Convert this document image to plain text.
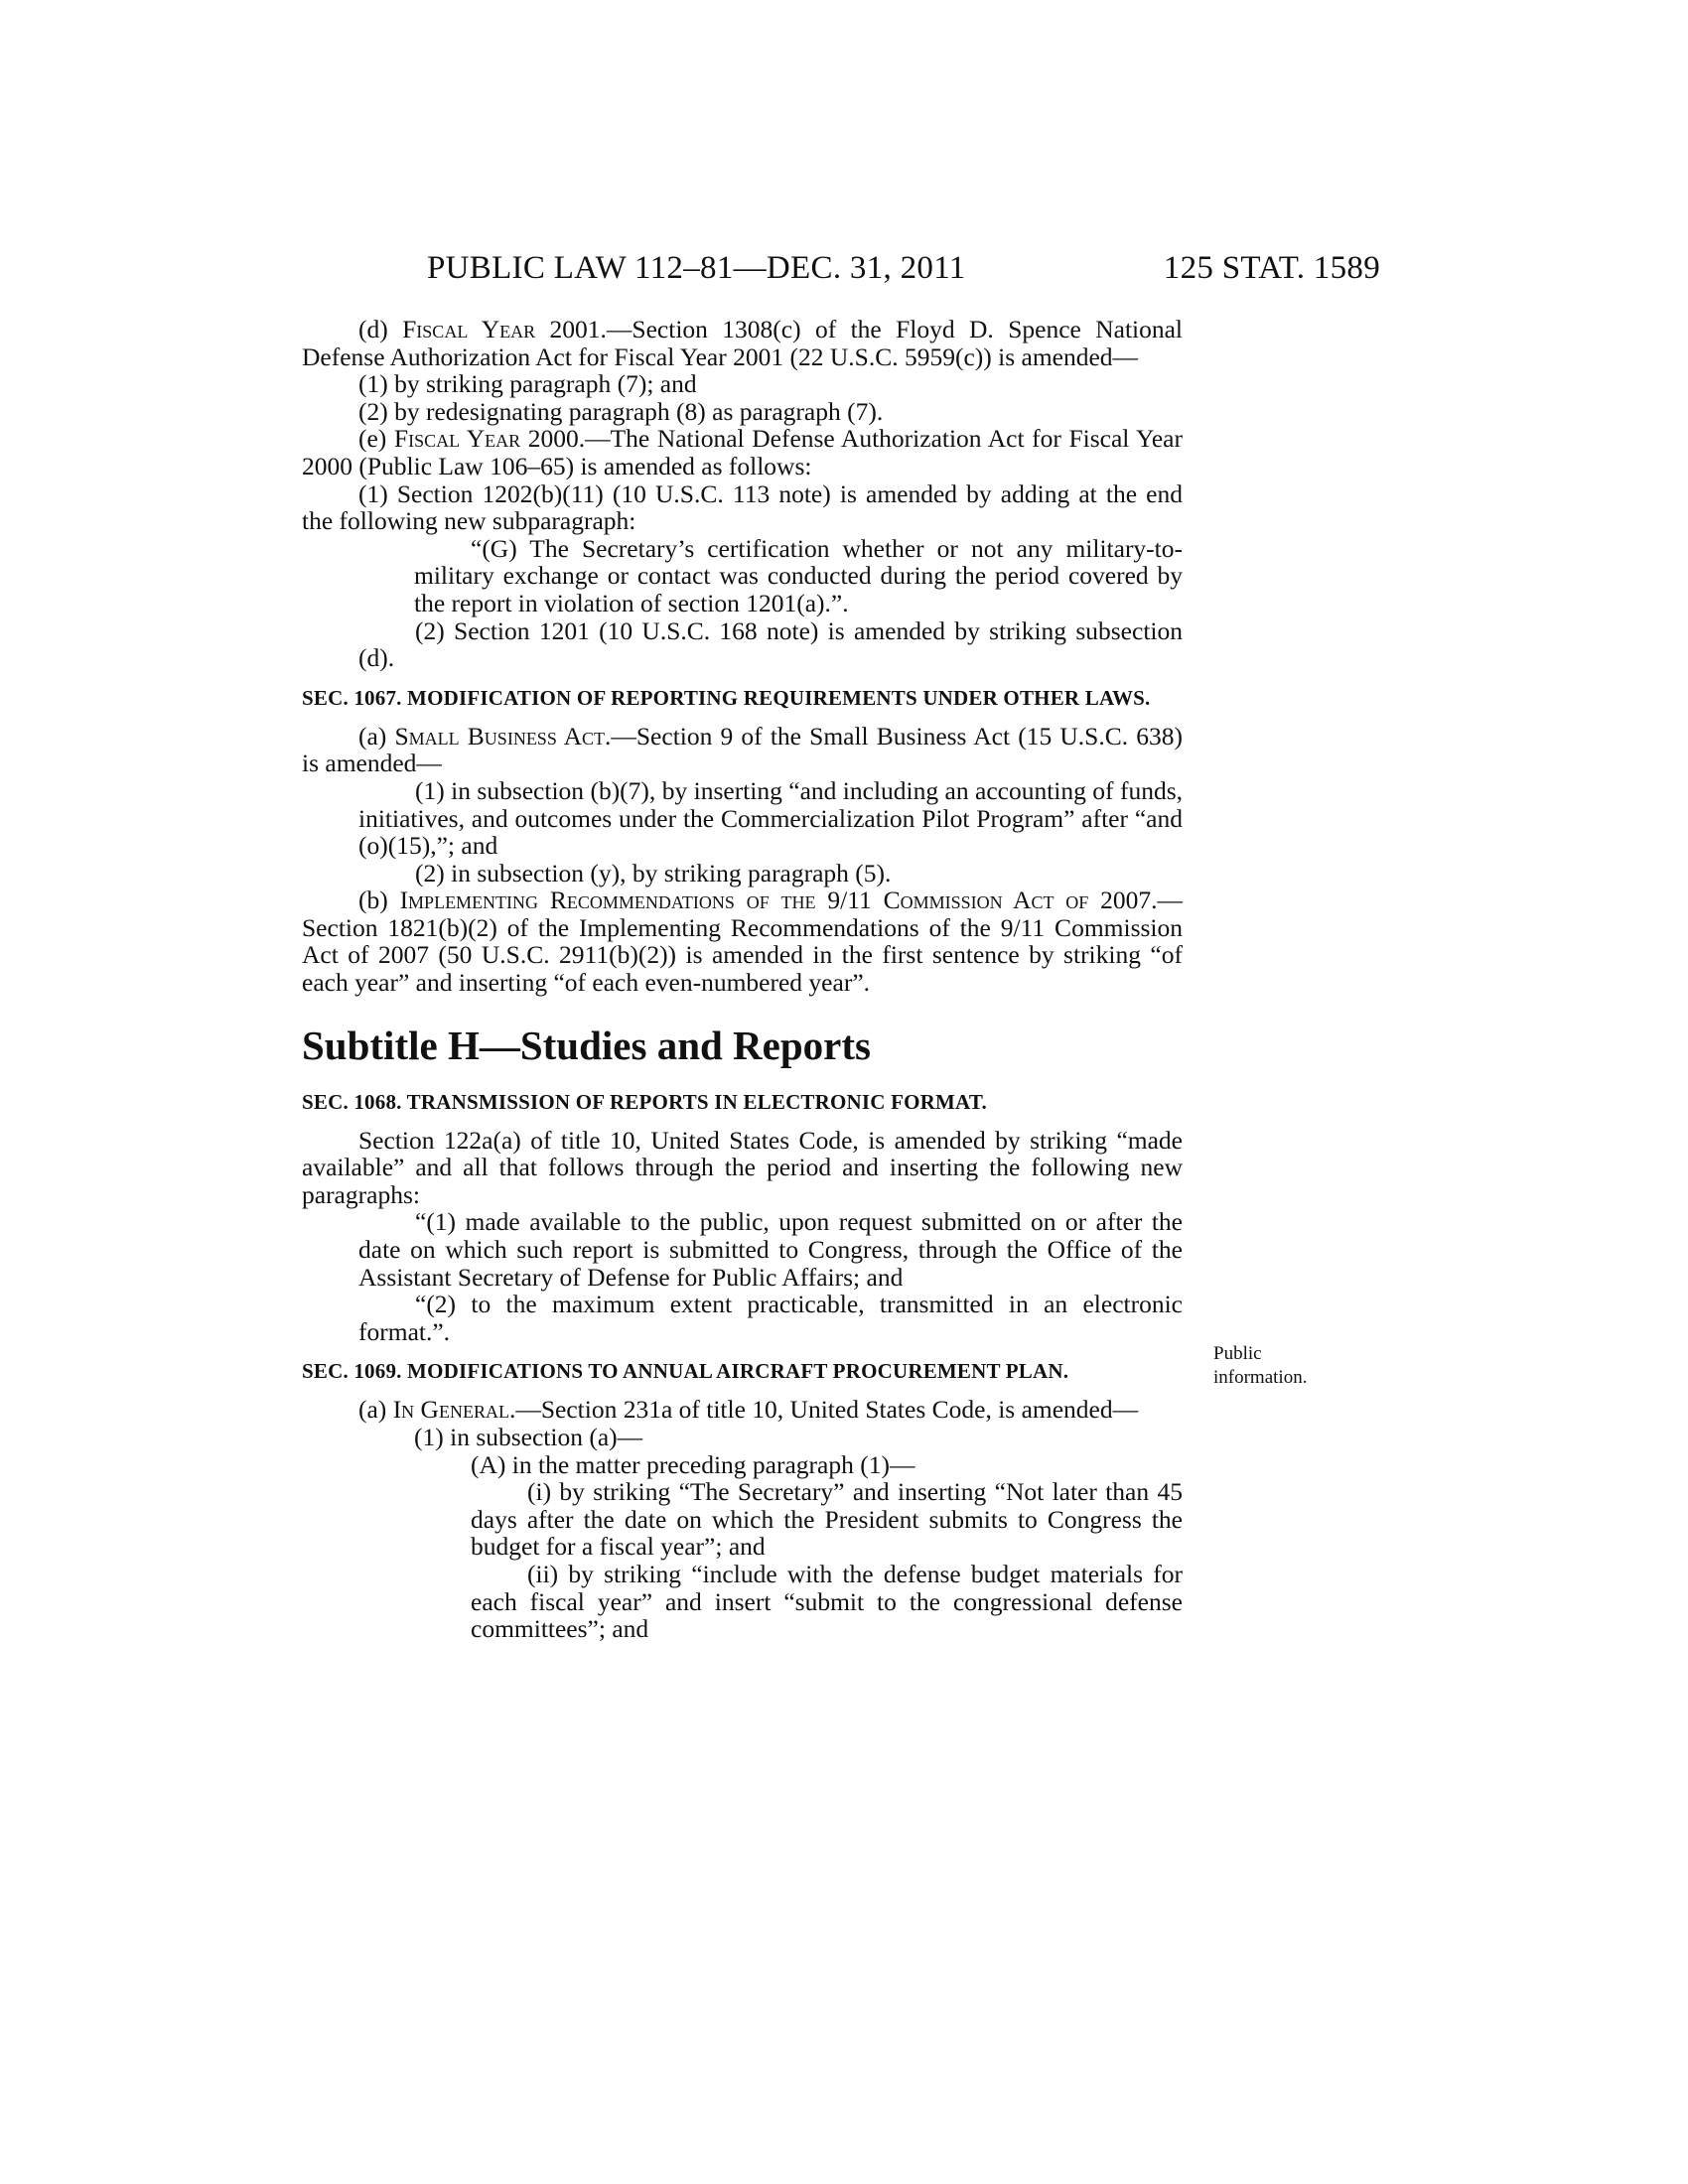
PUBLIC LAW 112–81—DEC. 31, 2011	125 STAT. 1589
Public
information.

(d) Fiscal Year 2001.—Section 1308(c) of the Floyd D. Spence National Defense Authorization Act for Fiscal Year 2001 (22 U.S.C. 5959(c)) is amended—

(1) by striking paragraph (7); and

(2) by redesignating paragraph (8) as paragraph (7).

(e) Fiscal Year 2000.—The National Defense Authorization Act for Fiscal Year 2000 (Public Law 106–65) is amended as follows:

(1) Section 1202(b)(11) (10 U.S.C. 113 note) is amended by adding at the end the following new subparagraph:

“(G) The Secretary’s certification whether or not any military-to-military exchange or contact was conducted during the period covered by the report in violation of section 1201(a).”.

(2) Section 1201 (10 U.S.C. 168 note) is amended by striking subsection (d).

SEC. 1067. MODIFICATION OF REPORTING REQUIREMENTS UNDER OTHER LAWS.

(a) Small Business Act.—Section 9 of the Small Business Act (15 U.S.C. 638) is amended—

(1) in subsection (b)(7), by inserting “and including an accounting of funds, initiatives, and outcomes under the Commercialization Pilot Program” after “and (o)(15),”; and

(2) in subsection (y), by striking paragraph (5).

(b) Implementing Recommendations of the 9/11 Commission Act of 2007.—Section 1821(b)(2) of the Implementing Recommendations of the 9/11 Commission Act of 2007 (50 U.S.C. 2911(b)(2)) is amended in the first sentence by striking “of each year” and inserting “of each even-numbered year”.

Subtitle H—Studies and Reports

SEC. 1068. TRANSMISSION OF REPORTS IN ELECTRONIC FORMAT.

Section 122a(a) of title 10, United States Code, is amended by striking “made available” and all that follows through the period and inserting the following new paragraphs:

“(1) made available to the public, upon request submitted on or after the date on which such report is submitted to Congress, through the Office of the Assistant Secretary of Defense for Public Affairs; and

“(2) to the maximum extent practicable, transmitted in an electronic format.”.

SEC. 1069. MODIFICATIONS TO ANNUAL AIRCRAFT PROCUREMENT PLAN.

(a) In General.—Section 231a of title 10, United States Code, is amended—

(1) in subsection (a)—

(A) in the matter preceding paragraph (1)—

(i) by striking “The Secretary” and inserting “Not later than 45 days after the date on which the President submits to Congress the budget for a fiscal year”; and

(ii) by striking “include with the defense budget materials for each fiscal year” and insert “submit to the congressional defense committees”; and
